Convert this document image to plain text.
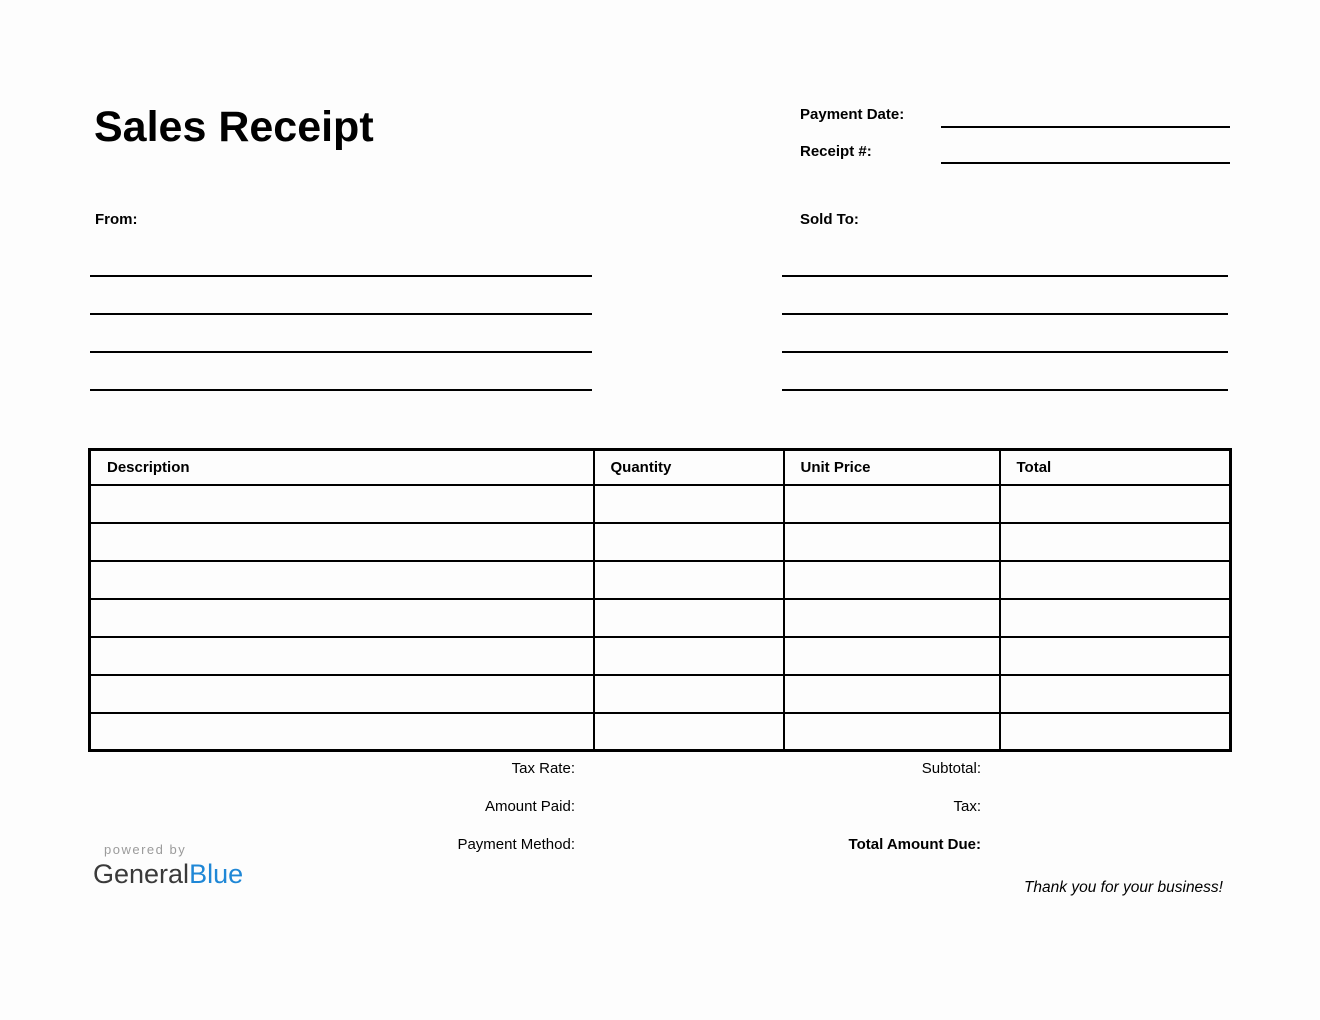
Sales Receipt	Payment Date:
Receipt #:
From:	Sold To:
Description	Quantity	Unit Price	Total

Tax Rate:
Amount Paid:
Payment Method:
Subtotal:
Tax:
Total Amount Due:
powered by
GeneralBlue	Thank you for your business!
